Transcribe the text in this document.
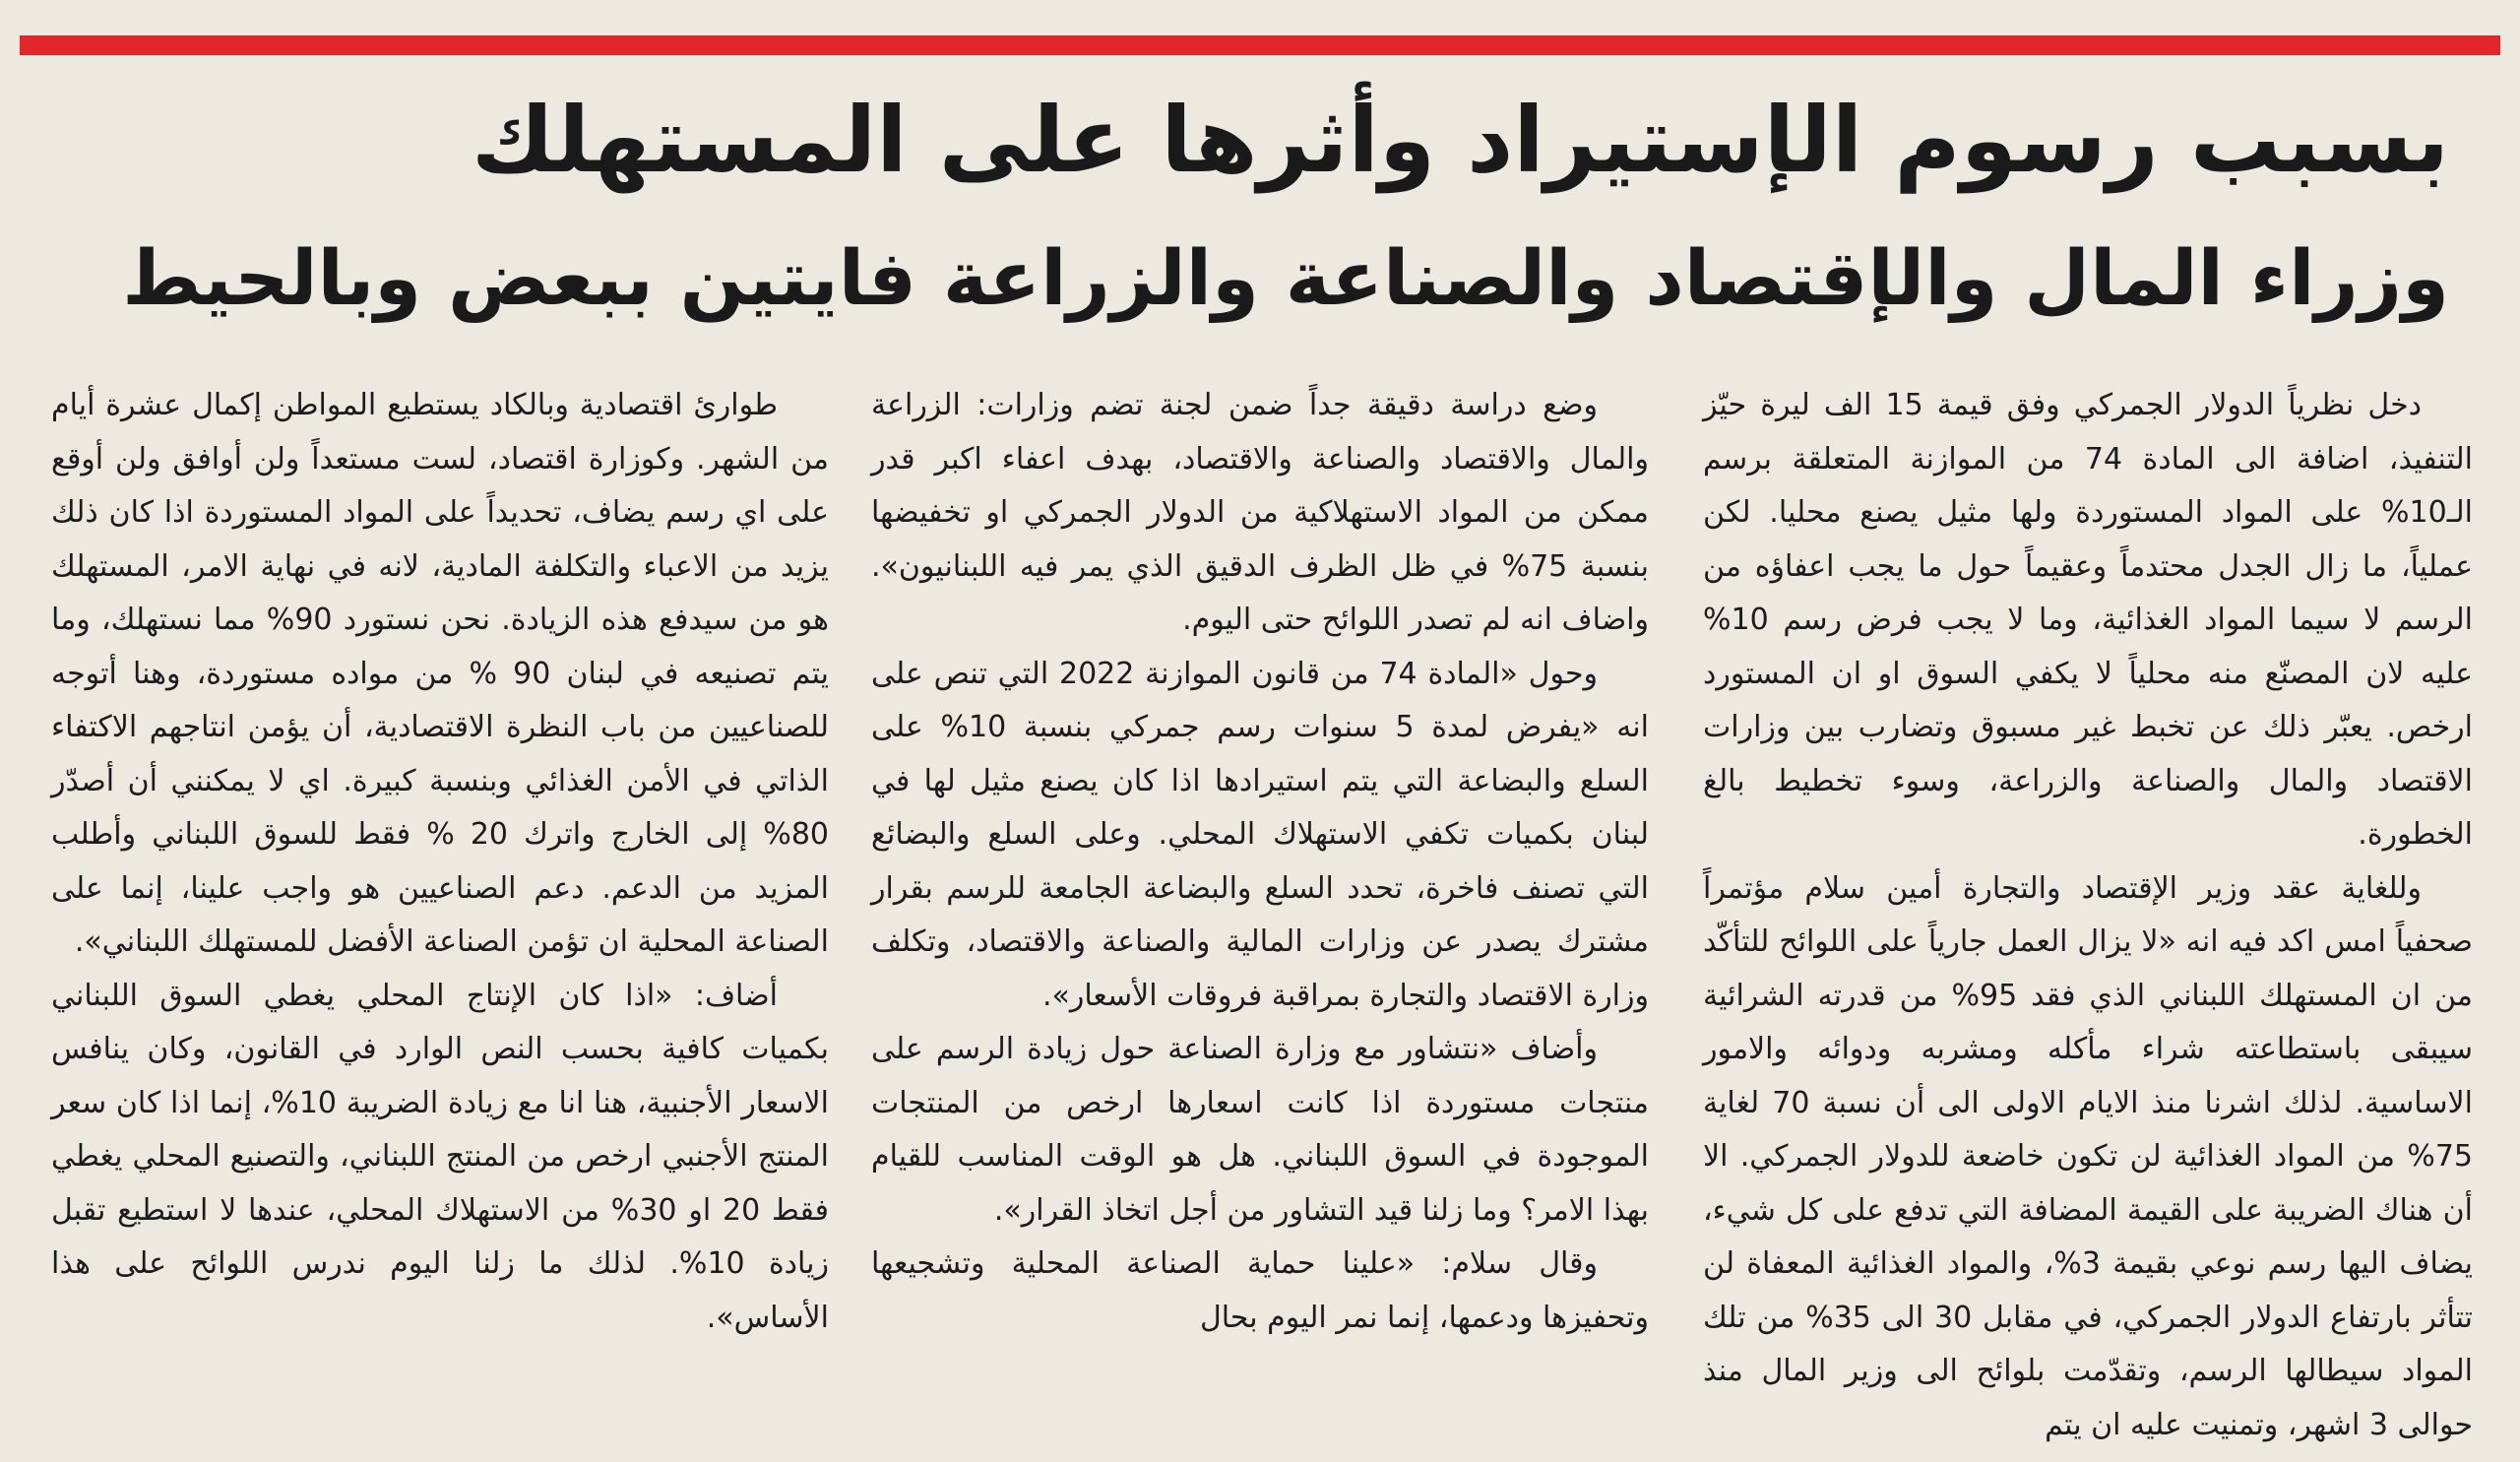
بسبب رسوم الإستيراد وأثرها على المستهلك
وزراء المال والإقتصاد والصناعة والزراعة فايتين ببعض وبالحيط

دخل نظرياً الدولار الجمركي وفق قيمة 15 الف ليرة حيّز التنفيذ، اضافة الى المادة 74 من الموازنة المتعلقة برسم الـ10% على المواد المستوردة ولها مثيل يصنع محليا. لكن عملياً، ما زال الجدل محتدماً وعقيماً حول ما يجب اعفاؤه من الرسم لا سيما المواد الغذائية، وما لا يجب فرض رسم 10% عليه لان المصنّع منه محلياً لا يكفي السوق او ان المستورد ارخص. يعبّر ذلك عن تخبط غير مسبوق وتضارب بين وزارات الاقتصاد والمال والصناعة والزراعة، وسوء تخطيط بالغ الخطورة.

وللغاية عقد وزير الإقتصاد والتجارة أمين سلام مؤتمراً صحفياً امس اكد فيه انه «لا يزال العمل جارياً على اللوائح للتأكّد من ان المستهلك اللبناني الذي فقد 95% من قدرته الشرائية سيبقى باستطاعته شراء مأكله ومشربه ودوائه والامور الاساسية. لذلك اشرنا منذ الايام الاولى الى أن نسبة 70 لغاية 75% من المواد الغذائية لن تكون خاضعة للدولار الجمركي. الا أن هناك الضريبة على القيمة المضافة التي تدفع على كل شيء، يضاف اليها رسم نوعي بقيمة 3%، والمواد الغذائية المعفاة لن تتأثر بارتفاع الدولار الجمركي، في مقابل 30 الى 35% من تلك المواد سيطالها الرسم، وتقدّمت بلوائح الى وزير المال منذ حوالى 3 اشهر، وتمنيت عليه ان يتم

وضع دراسة دقيقة جداً ضمن لجنة تضم وزارات: الزراعة والمال والاقتصاد والصناعة والاقتصاد، بهدف اعفاء اكبر قدر ممكن من المواد الاستهلاكية من الدولار الجمركي او تخفيضها بنسبة 75% في ظل الظرف الدقيق الذي يمر فيه اللبنانيون». واضاف انه لم تصدر اللوائح حتى اليوم.

وحول «المادة 74 من قانون الموازنة 2022 التي تنص على انه «يفرض لمدة 5 سنوات رسم جمركي بنسبة 10% على السلع والبضاعة التي يتم استيرادها اذا كان يصنع مثيل لها في لبنان بكميات تكفي الاستهلاك المحلي. وعلى السلع والبضائع التي تصنف فاخرة، تحدد السلع والبضاعة الجامعة للرسم بقرار مشترك يصدر عن وزارات المالية والصناعة والاقتصاد، وتكلف وزارة الاقتصاد والتجارة بمراقبة فروقات الأسعار».

وأضاف «نتشاور مع وزارة الصناعة حول زيادة الرسم على منتجات مستوردة اذا كانت اسعارها ارخص من المنتجات الموجودة في السوق اللبناني. هل هو الوقت المناسب للقيام بهذا الامر؟ وما زلنا قيد التشاور من أجل اتخاذ القرار».

وقال سلام: «علينا حماية الصناعة المحلية وتشجيعها وتحفيزها ودعمها، إنما نمر اليوم بحال

طوارئ اقتصادية وبالكاد يستطيع المواطن إكمال عشرة أيام من الشهر. وكوزارة اقتصاد، لست مستعداً ولن أوافق ولن أوقع على اي رسم يضاف، تحديداً على المواد المستوردة اذا كان ذلك يزيد من الاعباء والتكلفة المادية، لانه في نهاية الامر، المستهلك هو من سيدفع هذه الزيادة. نحن نستورد 90% مما نستهلك، وما يتم تصنيعه في لبنان 90 % من مواده مستوردة، وهنا أتوجه للصناعيين من باب النظرة الاقتصادية، أن يؤمن انتاجهم الاكتفاء الذاتي في الأمن الغذائي وبنسبة كبيرة. اي لا يمكنني أن أصدّر 80% إلى الخارج واترك 20 % فقط للسوق اللبناني وأطلب المزيد من الدعم. دعم الصناعيين هو واجب علينا، إنما على الصناعة المحلية ان تؤمن الصناعة الأفضل للمستهلك اللبناني».

أضاف: «اذا كان الإنتاج المحلي يغطي السوق اللبناني بكميات كافية بحسب النص الوارد في القانون، وكان ينافس الاسعار الأجنبية، هنا انا مع زيادة الضريبة 10%، إنما اذا كان سعر المنتج الأجنبي ارخص من المنتج اللبناني، والتصنيع المحلي يغطي فقط 20 او 30% من الاستهلاك المحلي، عندها لا استطيع تقبل زيادة 10%. لذلك ما زلنا اليوم ندرس اللوائح على هذا الأساس».
